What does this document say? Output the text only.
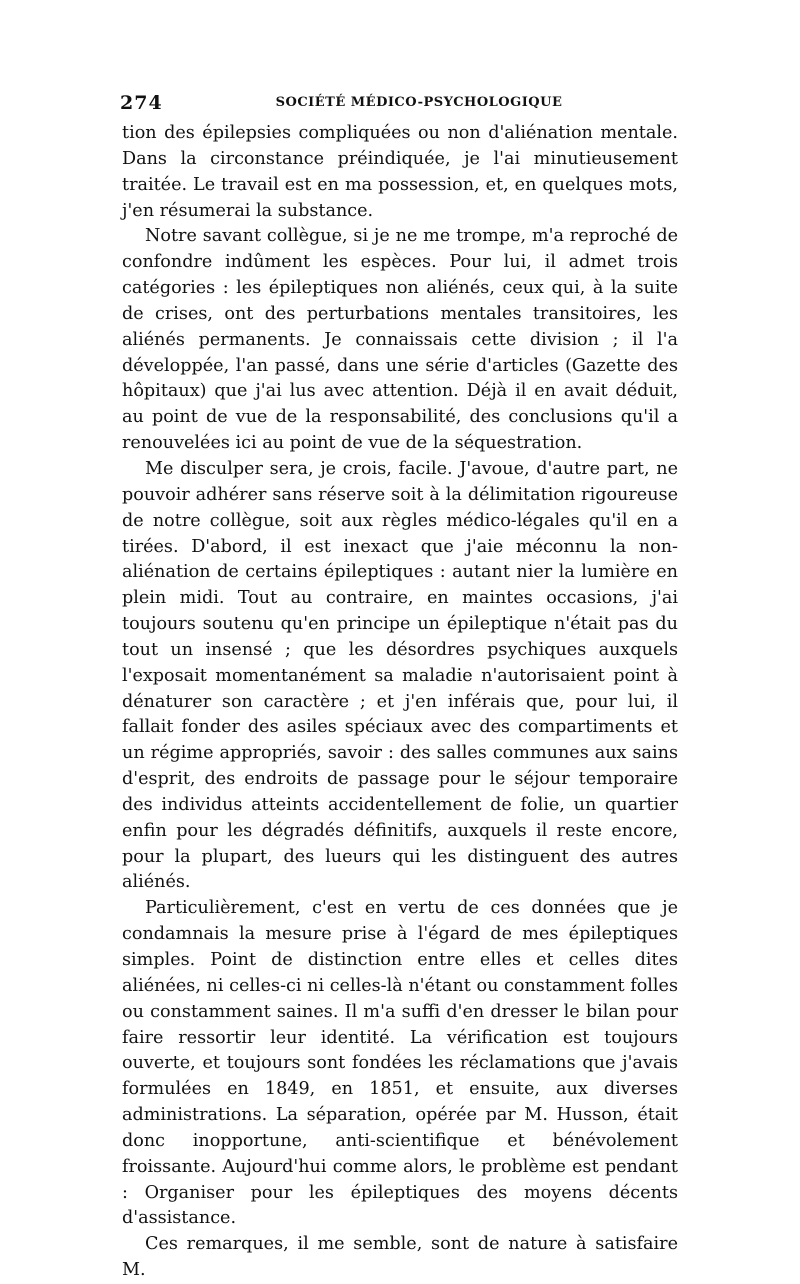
274	SOCIÉTÉ MÉDICO-PSYCHOLOGIQUE

tion des épilepsies compliquées ou non d'aliénation mentale. Dans la circonstance préindiquée, je l'ai minutieusement traitée. Le travail est en ma possession, et, en quelques mots, j'en résumerai la substance.

Notre savant collègue, si je ne me trompe, m'a reproché de confondre indûment les espèces. Pour lui, il admet trois catégories : les épileptiques non aliénés, ceux qui, à la suite de crises, ont des perturbations mentales transitoires, les aliénés permanents. Je connaissais cette division ; il l'a développée, l'an passé, dans une série d'articles (Gazette des hôpitaux) que j'ai lus avec attention. Déjà il en avait déduit, au point de vue de la responsabilité, des conclusions qu'il a renouvelées ici au point de vue de la séquestration.

Me disculper sera, je crois, facile. J'avoue, d'autre part, ne pouvoir adhérer sans réserve soit à la délimitation rigoureuse de notre collègue, soit aux règles médico-légales qu'il en a tirées. D'abord, il est inexact que j'aie méconnu la non-aliénation de certains épileptiques : autant nier la lumière en plein midi. Tout au contraire, en maintes occasions, j'ai toujours soutenu qu'en principe un épileptique n'était pas du tout un insensé ; que les désordres psychiques auxquels l'exposait momentanément sa maladie n'autorisaient point à dénaturer son caractère ; et j'en inférais que, pour lui, il fallait fonder des asiles spéciaux avec des compartiments et un régime appropriés, savoir : des salles communes aux sains d'esprit, des endroits de passage pour le séjour temporaire des individus atteints accidentellement de folie, un quartier enfin pour les dégradés définitifs, auxquels il reste encore, pour la plupart, des lueurs qui les distinguent des autres aliénés.

Particulièrement, c'est en vertu de ces données que je condamnais la mesure prise à l'égard de mes épileptiques simples. Point de distinction entre elles et celles dites aliénées, ni celles-ci ni celles-là n'étant ou constamment folles ou constamment saines. Il m'a suffi d'en dresser le bilan pour faire ressortir leur identité. La vérification est toujours ouverte, et toujours sont fondées les réclamations que j'avais formulées en 1849, en 1851, et ensuite, aux diverses administrations. La séparation, opérée par M. Husson, était donc inopportune, anti-scientifique et bénévolement froissante. Aujourd'hui comme alors, le problème est pendant : Organiser pour les épileptiques des moyens décents d'assistance.

Ces remarques, il me semble, sont de nature à satisfaire M.
